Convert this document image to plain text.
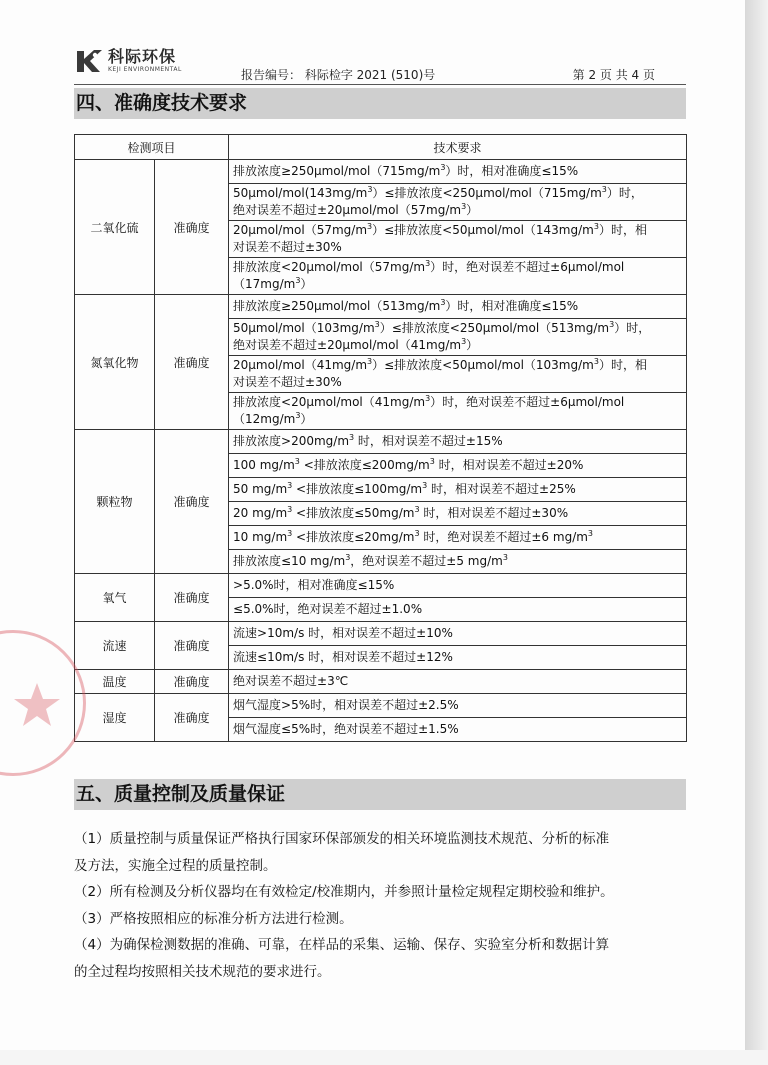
科际环保
KEJI ENVIRONMENTAL	报告编号： 科际检字 2021 (510)号	第 2 页 共 4 页
四、准确度技术要求
检测项目		技术要求
二氧化硫	准确度	排放浓度$\ge 250\mu mol/mol(715mg/m^3)$时，相对准确度≤15%
		$50\mu mol/mol(143mg/m^3)\le$排放浓度$<250\mu mol/mol(715mg/m^3)$时，
绝对误差不超过$\pm 20\mu mol/mol(57mg/m^3)$
		$20\mu mol/mol(57mg/m^3)\le$排放浓度$<50\mu mol/mol(143mg/m^3)$时，相
对误差不超过±30%
		排放浓度$<20\mu mol/mol(57mg/m^3)$时，绝对误差不超过±6μmol/mol
$(17mg/m^3)$
氮氧化物	准确度	排放浓度$\ge 250\mu mol/mol(513mg/m^3)$时，相对准确度≤15%
		$50\mu mol/mol(103mg/m^3)\le$排放浓度$<250\mu mol/mol(513mg/m^3)$时，
绝对误差不超过$\pm 20\mu mol/mol(41mg/m^3)$
		$20\mu mol/mol(41mg/m^3)\le$排放浓度$<50\mu mol/mol(103mg/m^3)$时，相
对误差不超过±30%
		排放浓度$<20\mu mol/mol(41mg/m^3)$时，绝对误差不超过±6μmol/mol
$(12mg/m^3)$
颗粒物	准确度	排放浓度$>200mg/m^3$ 时，相对误差不超过±15%
		100 $mg/m^3$ <排放浓度$\le 200mg/m^3$ 时，相对误差不超过±20%
		50 $mg/m^3$ <排放浓度$\le 100mg/m^3$ 时，相对误差不超过±25%
		20 $mg/m^3$ <排放浓度$\le 50mg/m^3$ 时，相对误差不超过±30%
		10 $mg/m^3$ <排放浓度$\le 20mg/m^3$ 时，绝对误差不超过±6 $mg/m^3$
		排放浓度≤10 $mg/m^3$，绝对误差不超过±5 $mg/m^3$
氧气	准确度	>5.0%时，相对准确度≤15%
		≤5.0%时，绝对误差不超过±1.0%
流速	准确度	流速>10m/s 时，相对误差不超过±10%
		流速≤10m/s 时，相对误差不超过±12%
温度	准确度	绝对误差不超过±3℃
湿度	准确度	烟气湿度>5%时，相对误差不超过±2.5%
		烟气湿度≤5%时，绝对误差不超过±1.5%
五、质量控制及质量保证

（1）质量控制与质量保证严格执行国家环保部颁发的相关环境监测技术规范、分析的标准

及方法，实施全过程的质量控制。

（2）所有检测及分析仪器均在有效检定/校准期内，并参照计量检定规程定期校验和维护。

（3）严格按照相应的标准分析方法进行检测。

（4）为确保检测数据的准确、可靠，在样品的采集、运输、保存、实验室分析和数据计算

的全过程均按照相关技术规范的要求进行。
